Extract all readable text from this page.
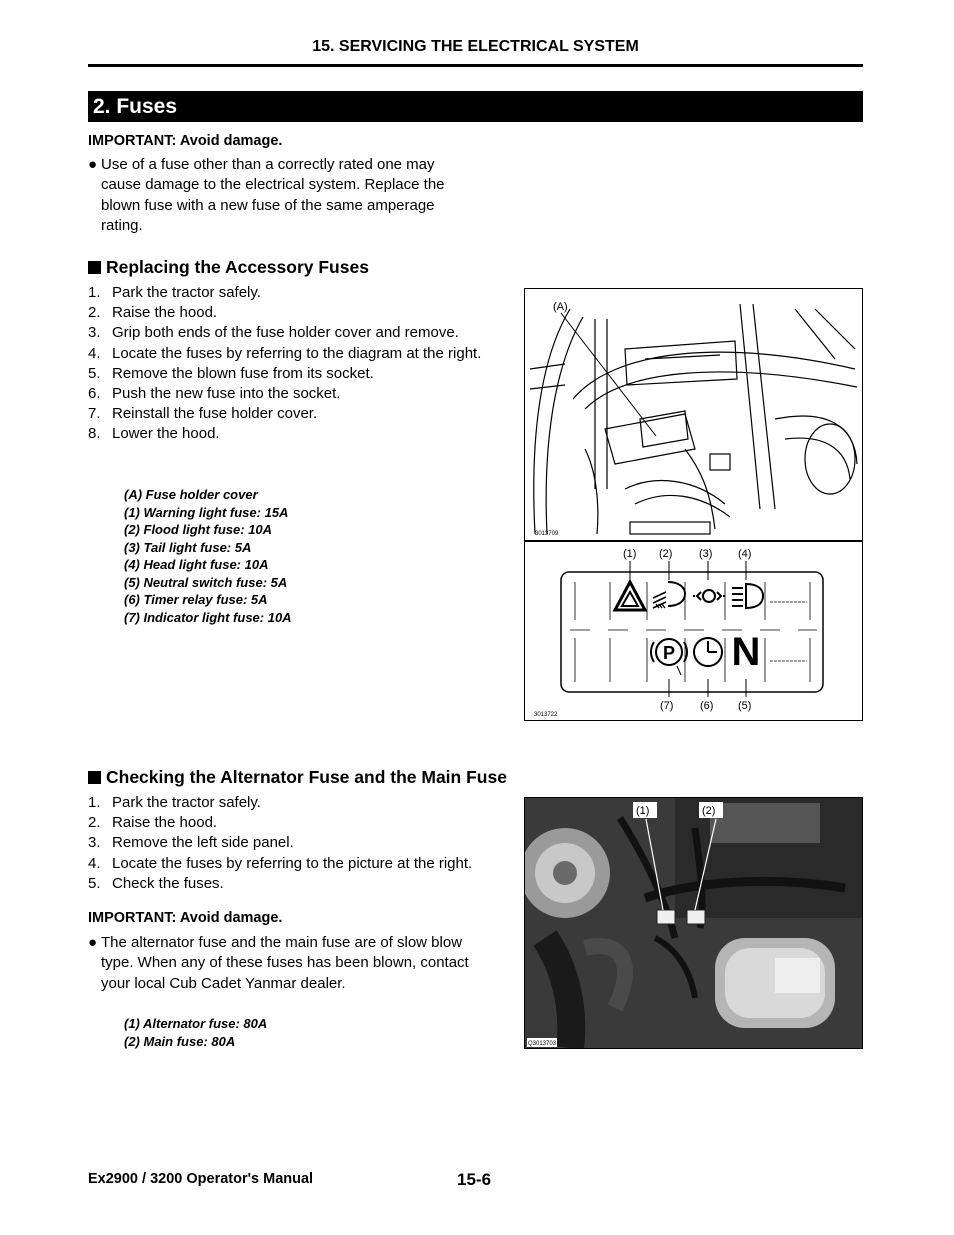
15. SERVICING THE ELECTRICAL SYSTEM
2. Fuses
IMPORTANT: Avoid damage.
● Use of a fuse other than a correctly rated one may
cause damage to the electrical system. Replace the
blown fuse with a new fuse of the same amperage
rating.
Replacing the Accessory Fuses
1. Park the tractor safely.
2. Raise the hood.
3. Grip both ends of the fuse holder cover and remove.
4. Locate the fuses by referring to the diagram at the right.
5. Remove the blown fuse from its socket.
6. Push the new fuse into the socket.
7. Reinstall the fuse holder cover.
8. Lower the hood.
(A) Fuse holder cover
(1) Warning light fuse: 15A
(2) Flood light fuse: 10A
(3) Tail light fuse: 5A
(4) Head light fuse: 10A
(5) Neutral switch fuse: 5A
(6) Timer relay fuse: 5A
(7) Indicator light fuse: 10A
(A)
3013709
(1) (2) (3) (4)
P N
(7) (6) (5)
3013722
Checking the Alternator Fuse and the Main Fuse
1. Park the tractor safely.
2. Raise the hood.
3. Remove the left side panel.
4. Locate the fuses by referring to the picture at the right.
5. Check the fuses.
IMPORTANT: Avoid damage.
● The alternator fuse and the main fuse are of slow blow
type. When any of these fuses has been blown, contact
your local Cub Cadet Yanmar dealer.
(1) Alternator fuse: 80A
(2) Main fuse: 80A
(1)	(2)
Q3013703
Ex2900 / 3200 Operator's Manual	15-6
